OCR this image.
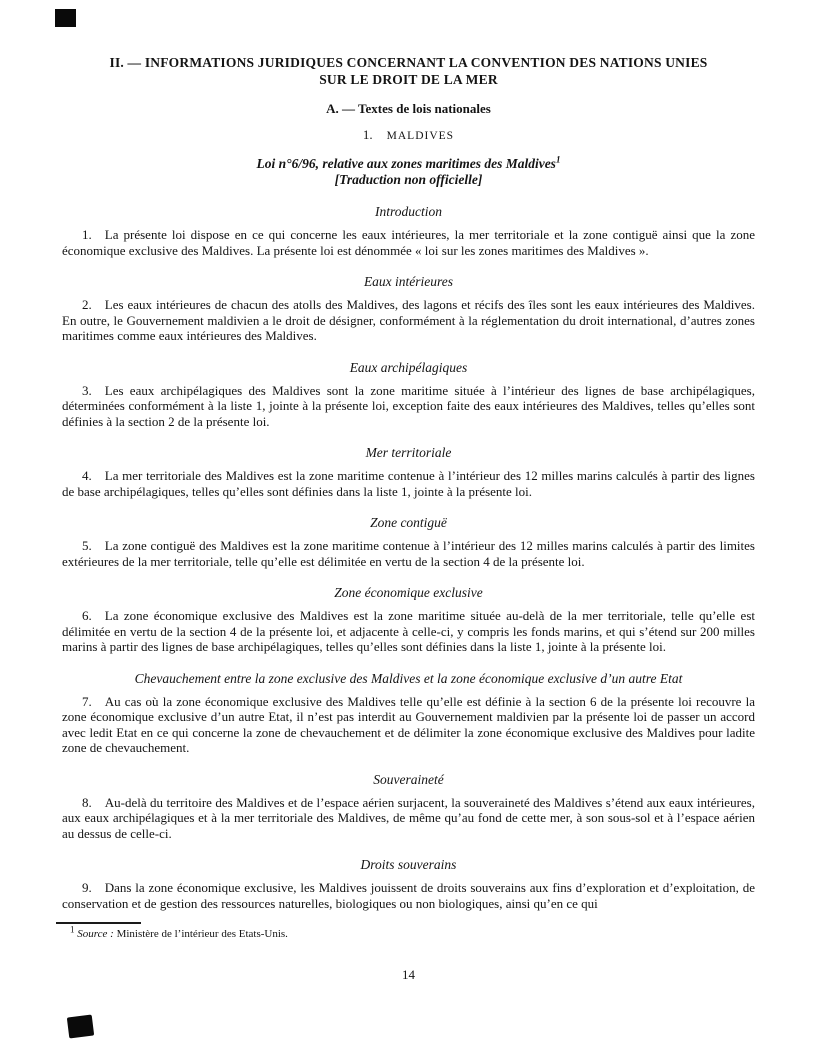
II. — INFORMATIONS JURIDIQUES CONCERNANT LA CONVENTION DES NATIONS UNIES
SUR LE DROIT DE LA MER
A. — Textes de lois nationales
1. MALDIVES
Loi n°6/96, relative aux zones maritimes des Maldives$^1$
[Traduction non officielle]
Introduction

1. La présente loi dispose en ce qui concerne les eaux intérieures, la mer territoriale et la zone contiguë ainsi que la zone économique exclusive des Maldives. La présente loi est dénommée « loi sur les zones maritimes des Maldives ».

Eaux intérieures

2. Les eaux intérieures de chacun des atolls des Maldives, des lagons et récifs des îles sont les eaux intérieures des Maldives. En outre, le Gouvernement maldivien a le droit de désigner, conformément à la réglementation du droit international, d’autres zones maritimes comme eaux intérieures des Maldives.

Eaux archipélagiques

3. Les eaux archipélagiques des Maldives sont la zone maritime située à l’intérieur des lignes de base archipélagiques, déterminées conformément à la liste 1, jointe à la présente loi, exception faite des eaux intérieures des Maldives, telles qu’elles sont définies à la section 2 de la présente loi.

Mer territoriale

4. La mer territoriale des Maldives est la zone maritime contenue à l’intérieur des 12 milles marins calculés à partir des lignes de base archipélagiques, telles qu’elles sont définies dans la liste 1, jointe à la présente loi.

Zone contiguë

5. La zone contiguë des Maldives est la zone maritime contenue à l’intérieur des 12 milles marins calculés à partir des limites extérieures de la mer territoriale, telle qu’elle est délimitée en vertu de la section 4 de la présente loi.

Zone économique exclusive

6. La zone économique exclusive des Maldives est la zone maritime située au-delà de la mer territoriale, telle qu’elle est délimitée en vertu de la section 4 de la présente loi, et adjacente à celle-ci, y compris les fonds marins, et qui s’étend sur 200 milles marins à partir des lignes de base archipélagiques, telles qu’elles sont définies dans la liste 1, jointe à la présente loi.

Chevauchement entre la zone exclusive des Maldives et la zone économique exclusive d’un autre Etat

7. Au cas où la zone économique exclusive des Maldives telle qu’elle est définie à la section 6 de la présente loi recouvre la zone économique exclusive d’un autre Etat, il n’est pas interdit au Gouvernement maldivien par la présente loi de passer un accord avec ledit Etat en ce qui concerne la zone de chevauchement et de délimiter la zone économique exclusive des Maldives pour ladite zone de chevauchement.

Souveraineté

8. Au-delà du territoire des Maldives et de l’espace aérien surjacent, la souveraineté des Maldives s’étend aux eaux intérieures, aux eaux archipélagiques et à la mer territoriale des Maldives, de même qu’au fond de cette mer, à son sous-sol et à l’espace aérien au dessus de celle-ci.

Droits souverains

9. Dans la zone économique exclusive, les Maldives jouissent de droits souverains aux fins d’exploration et d’exploitation, de conservation et de gestion des ressources naturelles, biologiques ou non biologiques, ainsi qu’en ce qui

$^1$ Source : Ministère de l’intérieur des Etats-Unis.

14
